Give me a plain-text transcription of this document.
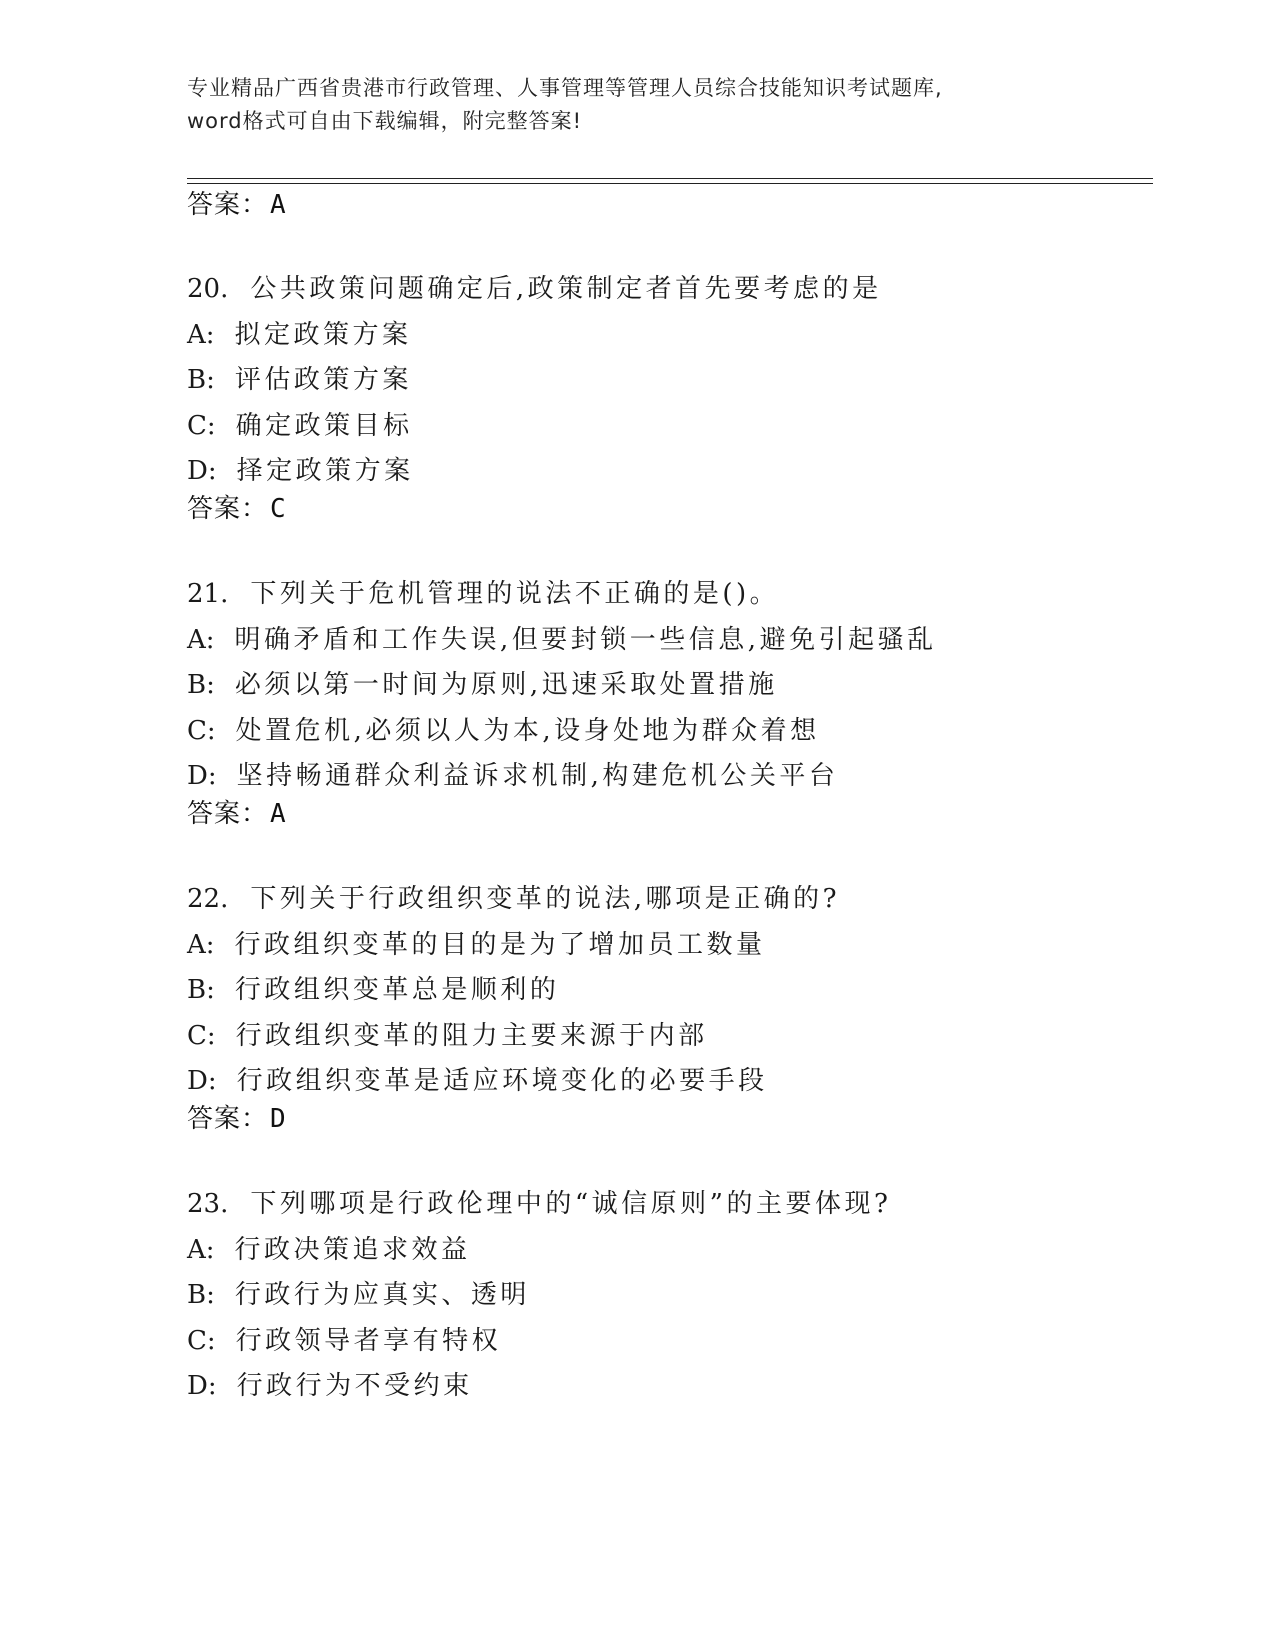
专业精品广西省贵港市行政管理、人事管理等管理人员综合技能知识考试题库,
word格式可自由下载编辑，附完整答案!
答案：A
20. 公共政策问题确定后,政策制定者首先要考虑的是
A: 拟定政策方案
B: 评估政策方案
C: 确定政策目标
D: 择定政策方案
答案：C
21. 下列关于危机管理的说法不正确的是()。
A: 明确矛盾和工作失误,但要封锁一些信息,避免引起骚乱
B: 必须以第一时间为原则,迅速采取处置措施
C: 处置危机,必须以人为本,设身处地为群众着想
D: 坚持畅通群众利益诉求机制,构建危机公关平台
答案：A
22. 下列关于行政组织变革的说法,哪项是正确的?
A: 行政组织变革的目的是为了增加员工数量
B: 行政组织变革总是顺利的
C: 行政组织变革的阻力主要来源于内部
D: 行政组织变革是适应环境变化的必要手段
答案：D
23. 下列哪项是行政伦理中的“诚信原则”的主要体现?
A: 行政决策追求效益
B: 行政行为应真实、透明
C: 行政领导者享有特权
D: 行政行为不受约束
